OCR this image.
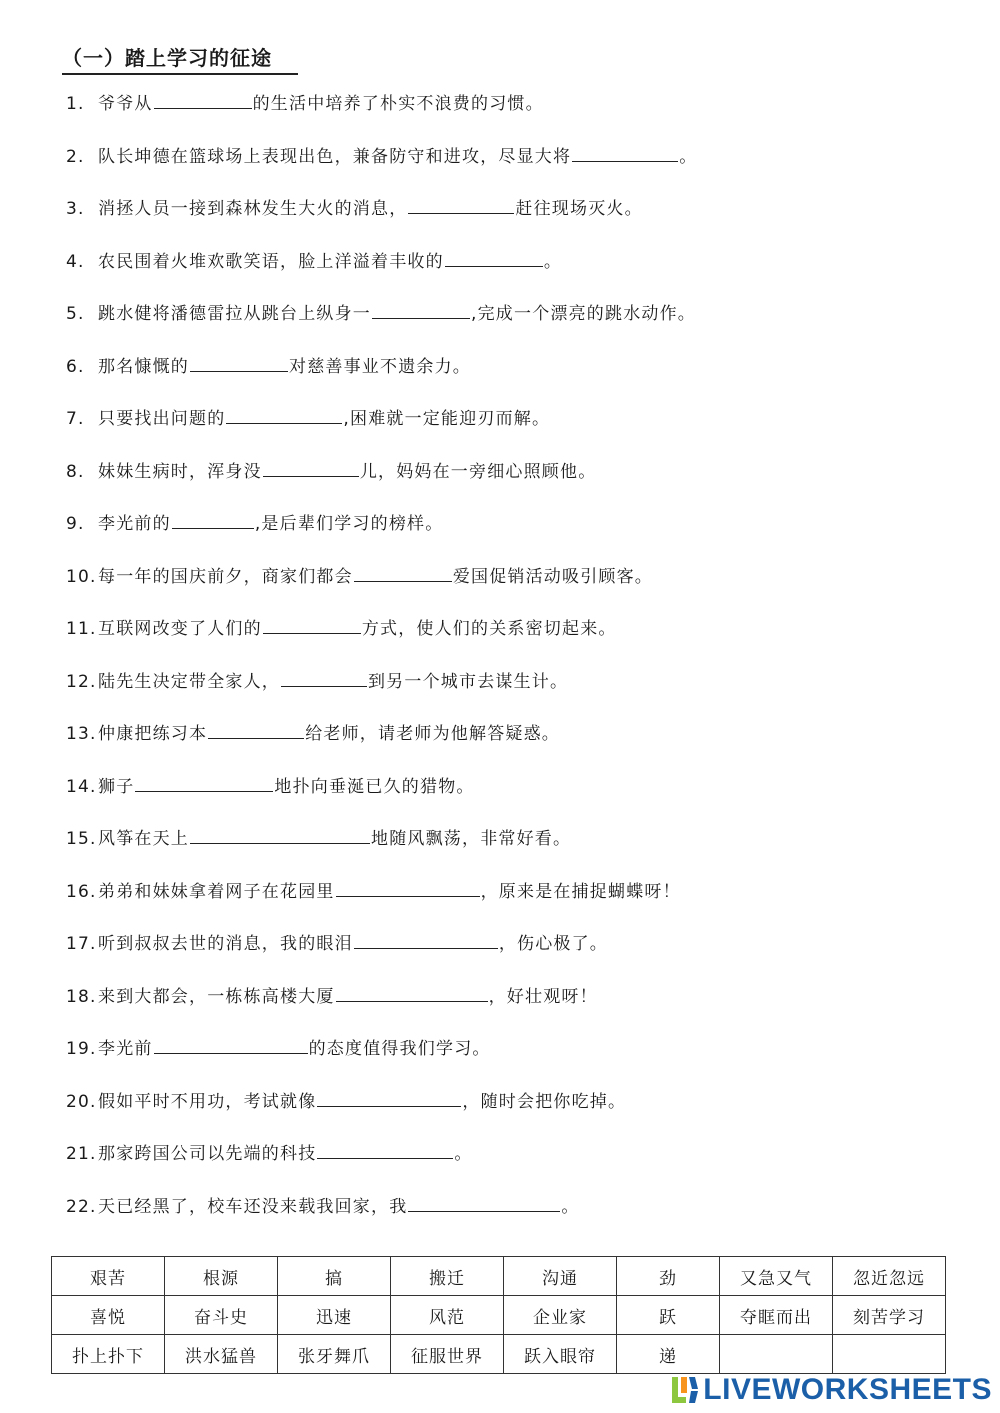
（一）踏上学习的征途
1. 爷爷从	的生活中培养了朴实不浪费的习惯。
2. 队长坤德在篮球场上表现出色，兼备防守和进攻，尽显大将	。
3. 消拯人员一接到森林发生大火的消息，	赶往现场灭火。
4. 农民围着火堆欢歌笑语，脸上洋溢着丰收的	。
5. 跳水健将潘德雷拉从跳台上纵身一	,完成一个漂亮的跳水动作。
6. 那名慷慨的	对慈善事业不遗余力。
7. 只要找出问题的	,困难就一定能迎刃而解。
8. 妹妹生病时，浑身没	儿，妈妈在一旁细心照顾他。
9. 李光前的	,是后辈们学习的榜样。
10.每一年的国庆前夕，商家们都会	爱国促销活动吸引顾客。
11.互联网改变了人们的	方式，使人们的关系密切起来。
12.陆先生决定带全家人，	到另一个城市去谋生计。
13.仲康把练习本	给老师，请老师为他解答疑惑。
14.狮子	地扑向垂涎已久的猎物。
15.风筝在天上	地随风飘荡，非常好看。
16.弟弟和妹妹拿着网子在花园里	，原来是在捕捉蝴蝶呀！
17.听到叔叔去世的消息，我的眼泪	，伤心极了。
18.来到大都会，一栋栋高楼大厦	，好壮观呀！
19.李光前	的态度值得我们学习。
20.假如平时不用功，考试就像	，随时会把你吃掉。
21.那家跨国公司以先端的科技	。
22.天已经黑了，校车还没来载我回家，我	。
艰苦	根源	搞	搬迁	沟通	劲	又急又气	忽近忽远
喜悦	奋斗史	迅速	风范	企业家	跃	夺眶而出	刻苦学习
扑上扑下	洪水猛兽	张牙舞爪	征服世界	跃入眼帘	递		
LIVEWORKSHEETS
